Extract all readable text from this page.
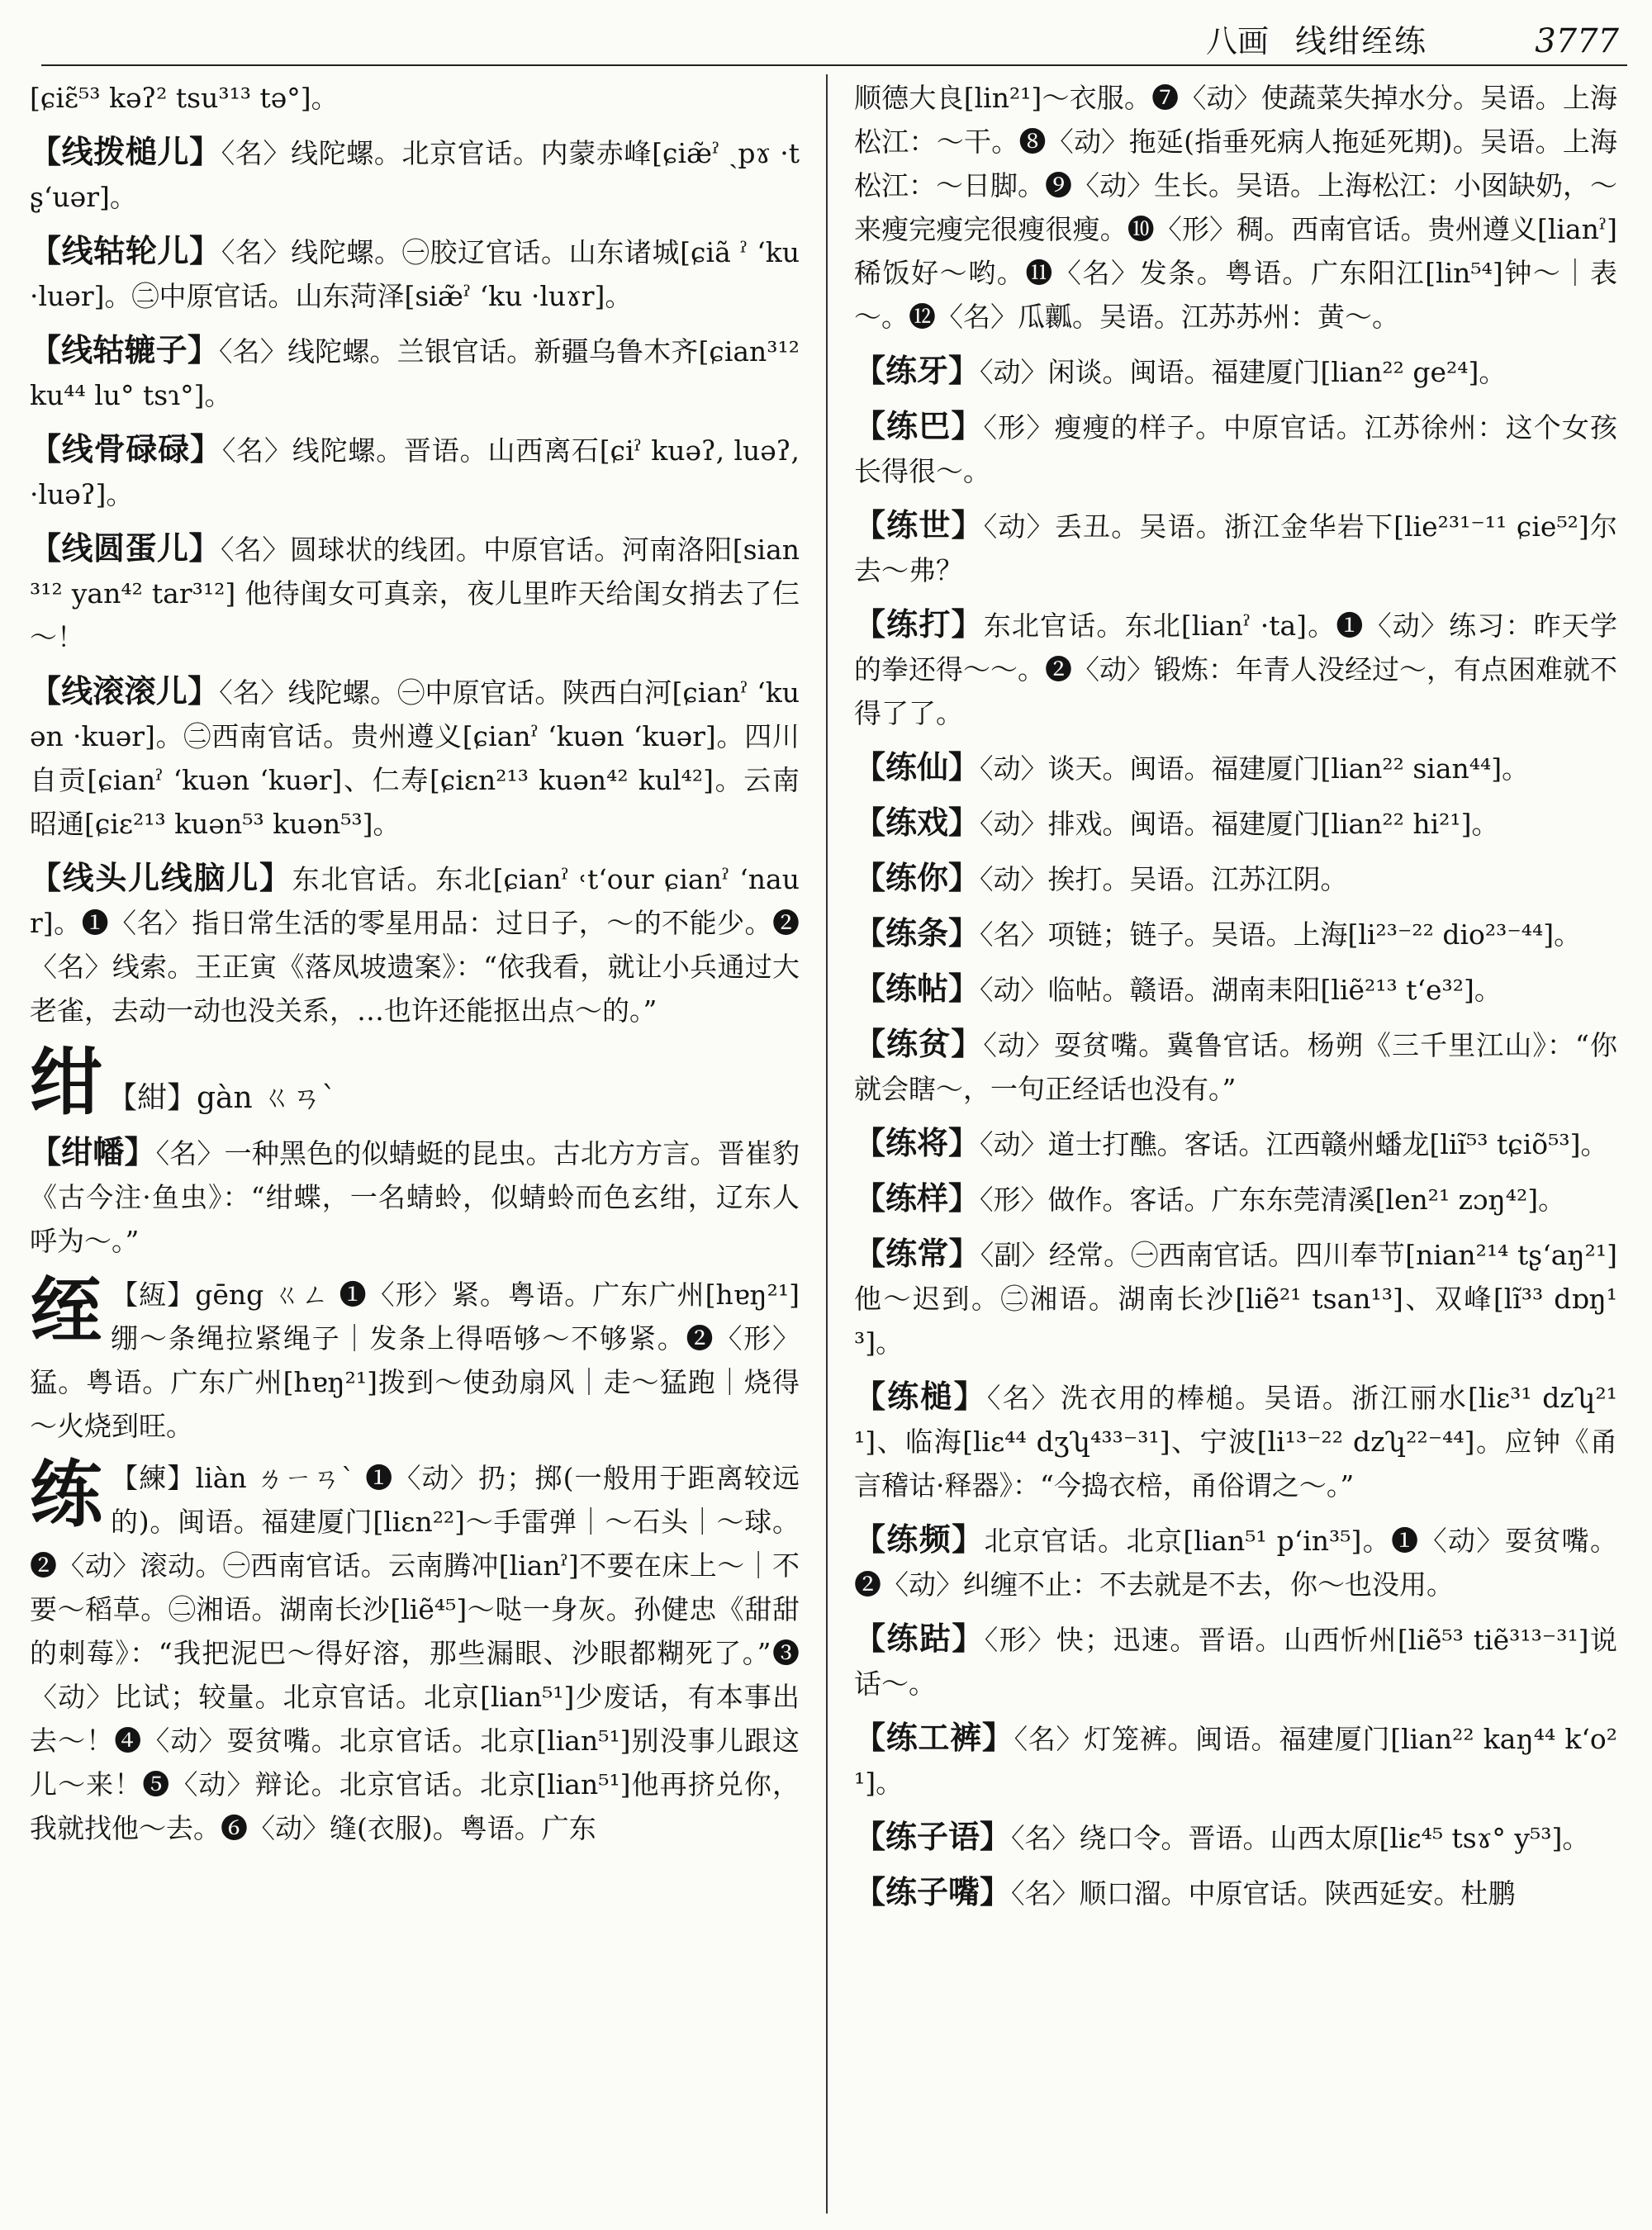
八画 线绀绖练	3777
[ɕiɛ̃⁵³ kəʔ² tsu³¹³ tə°]。
【线拨槌儿】〈名〉线陀螺。北京官话。内蒙赤峰[ɕiæ̃ˀ ˏpɤ ·tʂʻuər]。
【线轱轮儿】〈名〉线陀螺。㊀胶辽官话。山东诸城[ɕiã ˀ ʻku ·luər]。㊁中原官话。山东菏泽[siæ̃ˀ ʻku ·luɤr]。
【线轱辘子】〈名〉线陀螺。兰银官话。新疆乌鲁木齐[ɕian³¹² ku⁴⁴ lu° tsɿ°]。
【线骨碌碌】〈名〉线陀螺。晋语。山西离石[ɕiˀ kuəʔ, luəʔ, ·luəʔ]。
【线圆蛋儿】〈名〉圆球状的线团。中原官话。河南洛阳[sian³¹² yan⁴² tar³¹²] 他待闺女可真亲，夜儿里昨天给闺女捎去了仨～！
【线滚滚儿】〈名〉线陀螺。㊀中原官话。陕西白河[ɕianˀ ʻkuən ·kuər]。㊁西南官话。贵州遵义[ɕianˀ ʻkuən ʻkuər]。四川自贡[ɕianˀ ʻkuən ʻkuər]、仁寿[ɕiɛn²¹³ kuən⁴² kul⁴²]。云南昭通[ɕiɛ²¹³ kuən⁵³ kuən⁵³]。
【线头儿线脑儿】东北官话。东北[ɕianˀ ˓tʻour ɕianˀ ʻnaur]。❶〈名〉指日常生活的零星用品：过日子，～的不能少。❷〈名〉线索。王正寅《落凤坡遗案》：“依我看，就让小兵通过大老雀，去动一动也没关系，…也许还能抠出点～的。”
绀 【紺】gàn ㄍㄢˋ
【绀幡】〈名〉一种黑色的似蜻蜓的昆虫。古北方方言。晋崔豹《古今注·鱼虫》：“绀蝶，一名蜻蛉，似蜻蛉而色玄绀，辽东人呼为～。”
绖 【絚】gēng ㄍㄥ ❶〈形〉紧。粤语。广东广州[hɐŋ²¹] 绷～条绳拉紧绳子｜发条上得唔够～不够紧。❷〈形〉猛。粤语。广东广州[hɐŋ²¹]拨到～使劲扇风｜走～猛跑｜烧得～火烧到旺。
练 【練】liàn ㄌㄧㄢˋ ❶〈动〉扔；掷(一般用于距离较远的)。闽语。福建厦门[liɛn²²]～手雷弹｜～石头｜～球。❷〈动〉滚动。㊀西南官话。云南腾冲[lianˀ]不要在床上～｜不要～稻草。㊁湘语。湖南长沙[liẽ⁴⁵]～哒一身灰。孙健忠《甜甜的刺莓》：“我把泥巴～得好溶，那些漏眼、沙眼都糊死了。”❸〈动〉比试；较量。北京官话。北京[lian⁵¹]少废话，有本事出去～！❹〈动〉耍贫嘴。北京官话。北京[lian⁵¹]别没事儿跟这儿～来！❺〈动〉辩论。北京官话。北京[lian⁵¹]他再挤兑你，我就找他～去。❻〈动〉缝(衣服)。粤语。广东
顺德大良[lin²¹]～衣服。❼〈动〉使蔬菜失掉水分。吴语。上海松江：～干。❽〈动〉拖延(指垂死病人拖延死期)。吴语。上海松江：～日脚。❾〈动〉生长。吴语。上海松江：小囡缺奶，～来瘦完瘦完很瘦很瘦。❿〈形〉稠。西南官话。贵州遵义[lianˀ]稀饭好～哟。⓫〈名〉发条。粤语。广东阳江[lin⁵⁴]钟～｜表～。⓬〈名〉瓜瓤。吴语。江苏苏州：黄～。
【练牙】〈动〉闲谈。闽语。福建厦门[lian²² ge²⁴]。
【练巴】〈形〉瘦瘦的样子。中原官话。江苏徐州：这个女孩长得很～。
【练世】〈动〉丢丑。吴语。浙江金华岩下[lie²³¹⁻¹¹ ɕie⁵²]尔去～弗？
【练打】东北官话。东北[lianˀ ·ta]。❶〈动〉练习：昨天学的拳还得～～。❷〈动〉锻炼：年青人没经过～，有点困难就不得了了。
【练仙】〈动〉谈天。闽语。福建厦门[lian²² sian⁴⁴]。
【练戏】〈动〉排戏。闽语。福建厦门[lian²² hi²¹]。
【练你】〈动〉挨打。吴语。江苏江阴。
【练条】〈名〉项链；链子。吴语。上海[li²³⁻²² dio²³⁻⁴⁴]。
【练帖】〈动〉临帖。赣语。湖南耒阳[liẽ²¹³ tʻe³²]。
【练贫】〈动〉耍贫嘴。冀鲁官话。杨朔《三千里江山》：“你就会瞎～，一句正经话也没有。”
【练将】〈动〉道士打醮。客话。江西赣州蟠龙[liĩ⁵³ tɕiõ⁵³]。
【练样】〈形〉做作。客话。广东东莞清溪[len²¹ zɔŋ⁴²]。
【练常】〈副〉经常。㊀西南官话。四川奉节[nian²¹⁴ tʂʻaŋ²¹]他～迟到。㊁湘语。湖南长沙[liẽ²¹ tsan¹³]、双峰[lĩ³³ dɒŋ¹³]。
【练槌】〈名〉洗衣用的棒槌。吴语。浙江丽水[liɛ³¹ dzʮ²¹¹]、临海[liɛ⁴⁴ dʒʮ⁴³³⁻³¹]、宁波[li¹³⁻²² dzʮ²²⁻⁴⁴]。应钟《甬言稽诂·释器》：“今捣衣棓，甬俗谓之～。”
【练频】北京官话。北京[lian⁵¹ pʻin³⁵]。❶〈动〉耍贫嘴。❷〈动〉纠缠不止：不去就是不去，你～也没用。
【练跍】〈形〉快；迅速。晋语。山西忻州[liẽ⁵³ tiẽ³¹³⁻³¹]说话～。
【练工裤】〈名〉灯笼裤。闽语。福建厦门[lian²² kaŋ⁴⁴ kʻo²¹]。
【练子语】〈名〉绕口令。晋语。山西太原[liɛ⁴⁵ tsɤ° y⁵³]。
【练子嘴】〈名〉顺口溜。中原官话。陕西延安。杜鹏
